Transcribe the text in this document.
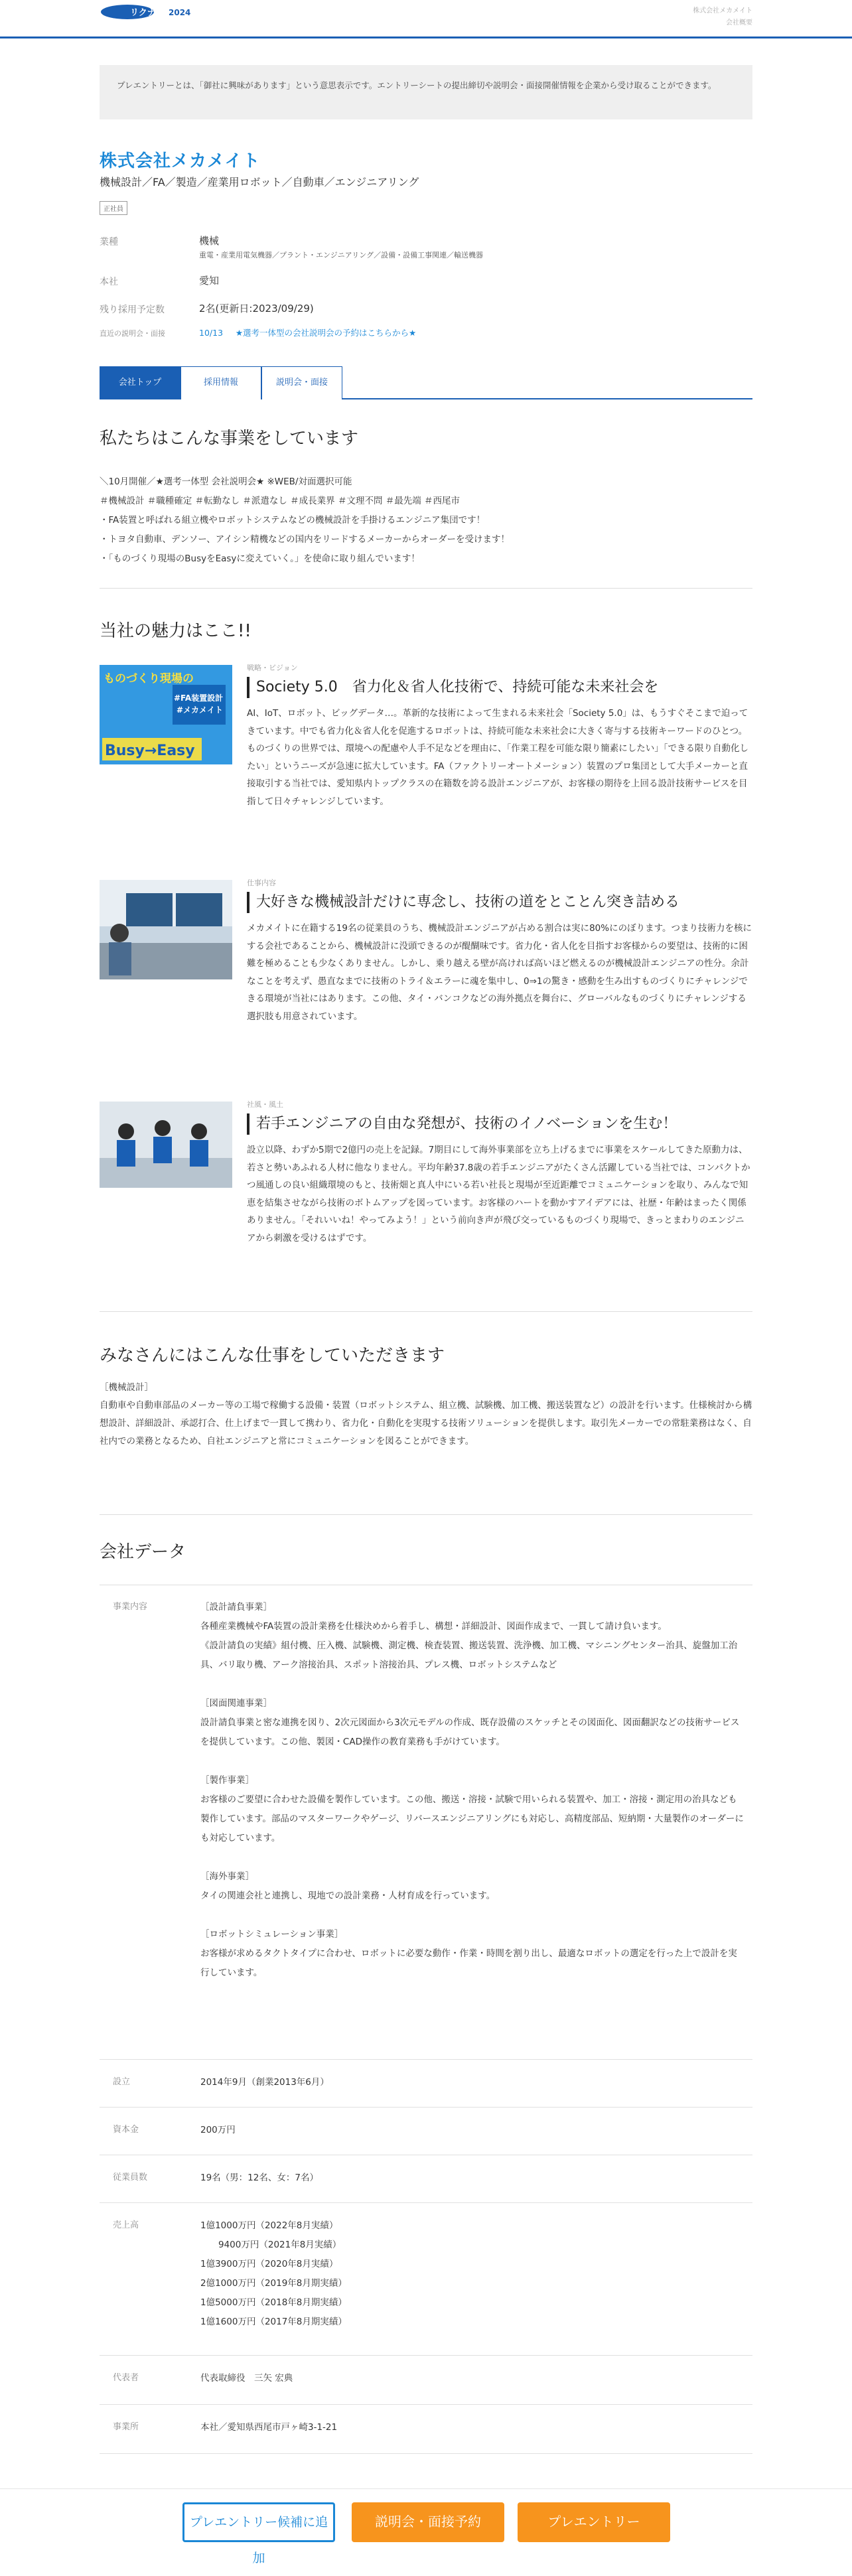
リクナビ 2024	株式会社メカメイト
会社概要
プレエントリーとは、「御社に興味があります」という意思表示です。エントリーシートの提出締切や説明会・面接開催情報を企業から受け取ることができます。
株式会社メカメイト
機械設計／FA／製造／産業用ロボット／自動車／エンジニアリング
正社員
業種	機械
重電・産業用電気機器／プラント・エンジニアリング／設備・設備工事関連／輸送機器
本社	愛知
残り採用予定数	2名(更新日:2023/09/29)
直近の説明会・面接	10/13 ★選考一体型の会社説明会の予約はこちらから★
会社トップ	採用情報	説明会・面接
私たちはこんな事業をしています
＼10月開催／★選考一体型 会社説明会★ ※WEB/対面選択可能
＃機械設計 ＃職種確定 ＃転勤なし ＃派遣なし ＃成長業界 ＃文理不問 ＃最先端 ＃西尾市
・FA装置と呼ばれる組立機やロボットシステムなどの機械設計を手掛けるエンジニア集団です！
・トヨタ自動車、デンソー、アイシン精機などの国内をリードするメーカーからオーダーを受けます！
・「ものづくり現場のBusyをEasyに変えていく。」を使命に取り組んでいます！
当社の魅力はここ!!
ものづくり現場の
#FA装置設計
#メカメイト
Busy→Easy
戦略・ビジョン
Society 5.0　省力化＆省人化技術で、持続可能な未来社会を
AI、IoT、ロボット、ビッグデータ…。革新的な技術によって生まれる未来社会「Society 5.0」は、もうすぐそこまで迫ってきています。中でも省力化＆省人化を促進するロボットは、持続可能な未来社会に大きく寄与する技術キーワードのひとつ。ものづくりの世界では、環境への配慮や人手不足などを理由に、「作業工程を可能な限り簡素にしたい」「できる限り自動化したい」というニーズが急速に拡大しています。FA（ファクトリーオートメーション）装置のプロ集団として大手メーカーと直接取引する当社では、愛知県内トップクラスの在籍数を誇る設計エンジニアが、お客様の期待を上回る設計技術サービスを目指して日々チャレンジしています。
仕事内容
大好きな機械設計だけに専念し、技術の道をとことん突き詰める
メカメイトに在籍する19名の従業員のうち、機械設計エンジニアが占める割合は実に80%にのぼります。つまり技術力を核にする会社であることから、機械設計に没頭できるのが醍醐味です。省力化・省人化を目指すお客様からの要望は、技術的に困難を極めることも少なくありません。しかし、乗り越える壁が高ければ高いほど燃えるのが機械設計エンジニアの性分。余計なことを考えず、愚直なまでに技術のトライ＆エラーに魂を集中し、0⇒1の驚き・感動を生み出すものづくりにチャレンジできる環境が当社にはあります。この他、タイ・バンコクなどの海外拠点を舞台に、グローバルなものづくりにチャレンジする選択肢も用意されています。
社風・風土
若手エンジニアの自由な発想が、技術のイノベーションを生む！
設立以降、わずか5期で2億円の売上を記録。7期目にして海外事業部を立ち上げるまでに事業をスケールしてきた原動力は、若さと勢いあふれる人材に他なりません。平均年齢37.8歳の若手エンジニアがたくさん活躍している当社では、コンパクトかつ風通しの良い組織環境のもと、技術畑と真人中にいる若い社長と現場が至近距離でコミュニケーションを取り、みんなで知恵を結集させながら技術のボトムアップを図っています。お客様のハートを動かすアイデアには、社歴・年齢はまったく関係ありません。「それいいね！やってみよう！」という前向き声が飛び交っているものづくり現場で、きっとまわりのエンジニアから刺激を受けるはずです。
みなさんにはこんな仕事をしていただきます
［機械設計］
自動車や自動車部品のメーカー等の工場で稼働する設備・装置（ロボットシステム、組立機、試験機、加工機、搬送装置など）の設計を行います。仕様検討から構想設計、詳細設計、承認打合、仕上げまで一貫して携わり、省力化・自動化を実現する技術ソリューションを提供します。取引先メーカーでの常駐業務はなく、自社内での業務となるため、自社エンジニアと常にコミュニケーションを図ることができます。
会社データ
事業内容	［設計請負事業］
各種産業機械やFA装置の設計業務を仕様決めから着手し、構想・詳細設計、図面作成まで、一貫して請け負います。
《設計請負の実績》組付機、圧入機、試験機、測定機、検査装置、搬送装置、洗浄機、加工機、マシニングセンター治具、旋盤加工治具、バリ取り機、アーク溶接治具、スポット溶接治具、プレス機、ロボットシステムなど

［図面関連事業］
設計請負事業と密な連携を図り、2次元図面から3次元モデルの作成、既存設備のスケッチとその図面化、図面翻訳などの技術サービスを提供しています。この他、製図・CAD操作の教育業務も手がけています。

［製作事業］
お客様のご要望に合わせた設備を製作しています。この他、搬送・溶接・試験で用いられる装置や、加工・溶接・測定用の治具なども製作しています。部品のマスターワークやゲージ、リバースエンジニアリングにも対応し、高精度部品、短納期・大量製作のオーダーにも対応しています。

［海外事業］
タイの関連会社と連携し、現地での設計業務・人材育成を行っています。

［ロボットシミュレーション事業］
お客様が求めるタクトタイプに合わせ、ロボットに必要な動作・作業・時間を割り出し、最適なロボットの選定を行った上で設計を実行しています。
設立	2014年9月（創業2013年6月）
資本金	200万円
従業員数	19名（男：12名、女：7名）
売上高	1億1000万円（2022年8月実績）
　　9400万円（2021年8月実績）
1億3900万円（2020年8月実績）
2億1000万円（2019年8月期実績）
1億5000万円（2018年8月期実績）
1億1600万円（2017年8月期実績）
代表者	代表取締役　三矢 宏典
事業所	本社／愛知県西尾市戸ヶ崎3-1-21
プレエントリー候補に追加
説明会・面接予約	プレエントリー
